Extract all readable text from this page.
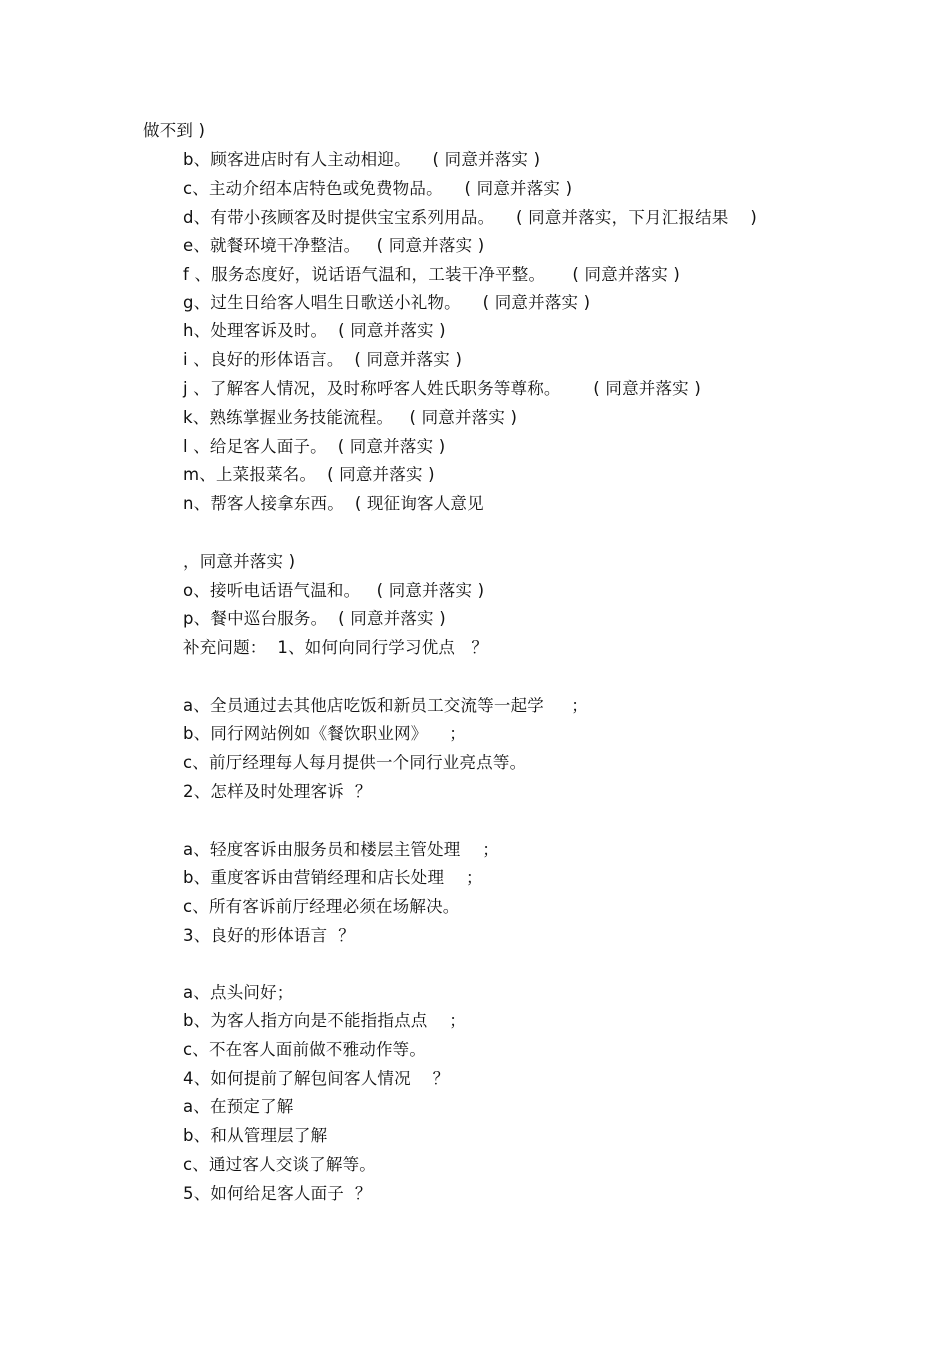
做不到 )
b、顾客进店时有人主动相迎。    ( 同意并落实 )
c、主动介绍本店特色或免费物品。    ( 同意并落实 )
d、有带小孩顾客及时提供宝宝系列用品。    ( 同意并落实，下月汇报结果    )
e、就餐环境干净整洁。   ( 同意并落实 )
f 、服务态度好，说话语气温和，工装干净平整。     ( 同意并落实 )
g、过生日给客人唱生日歌送小礼物。    ( 同意并落实 )
h、处理客诉及时。  ( 同意并落实 )
i 、良好的形体语言。  ( 同意并落实 )
j 、了解客人情况，及时称呼客人姓氏职务等尊称。      ( 同意并落实 )
k、熟练掌握业务技能流程。   ( 同意并落实 )
l 、给足客人面子。  ( 同意并落实 )
m、上菜报菜名。  ( 同意并落实 )
n、帮客人接拿东西。  ( 现征询客人意见
，同意并落实 )
o、接听电话语气温和。   ( 同意并落实 )
p、餐中巡台服务。  ( 同意并落实 )
补充问题：  1、如何向同行学习优点   ？
a、全员通过去其他店吃饭和新员工交流等一起学     ；
b、同行网站例如《餐饮职业网》    ；
c、前厅经理每人每月提供一个同行业亮点等。
2、怎样及时处理客诉  ？
a、轻度客诉由服务员和楼层主管处理    ；
b、重度客诉由营销经理和店长处理    ；
c、所有客诉前厅经理必须在场解决。
3、良好的形体语言  ？
a、点头问好；
b、为客人指方向是不能指指点点    ；
c、不在客人面前做不雅动作等。
4、如何提前了解包间客人情况    ？
a、在预定了解
b、和从管理层了解
c、通过客人交谈了解等。
5、如何给足客人面子  ？
